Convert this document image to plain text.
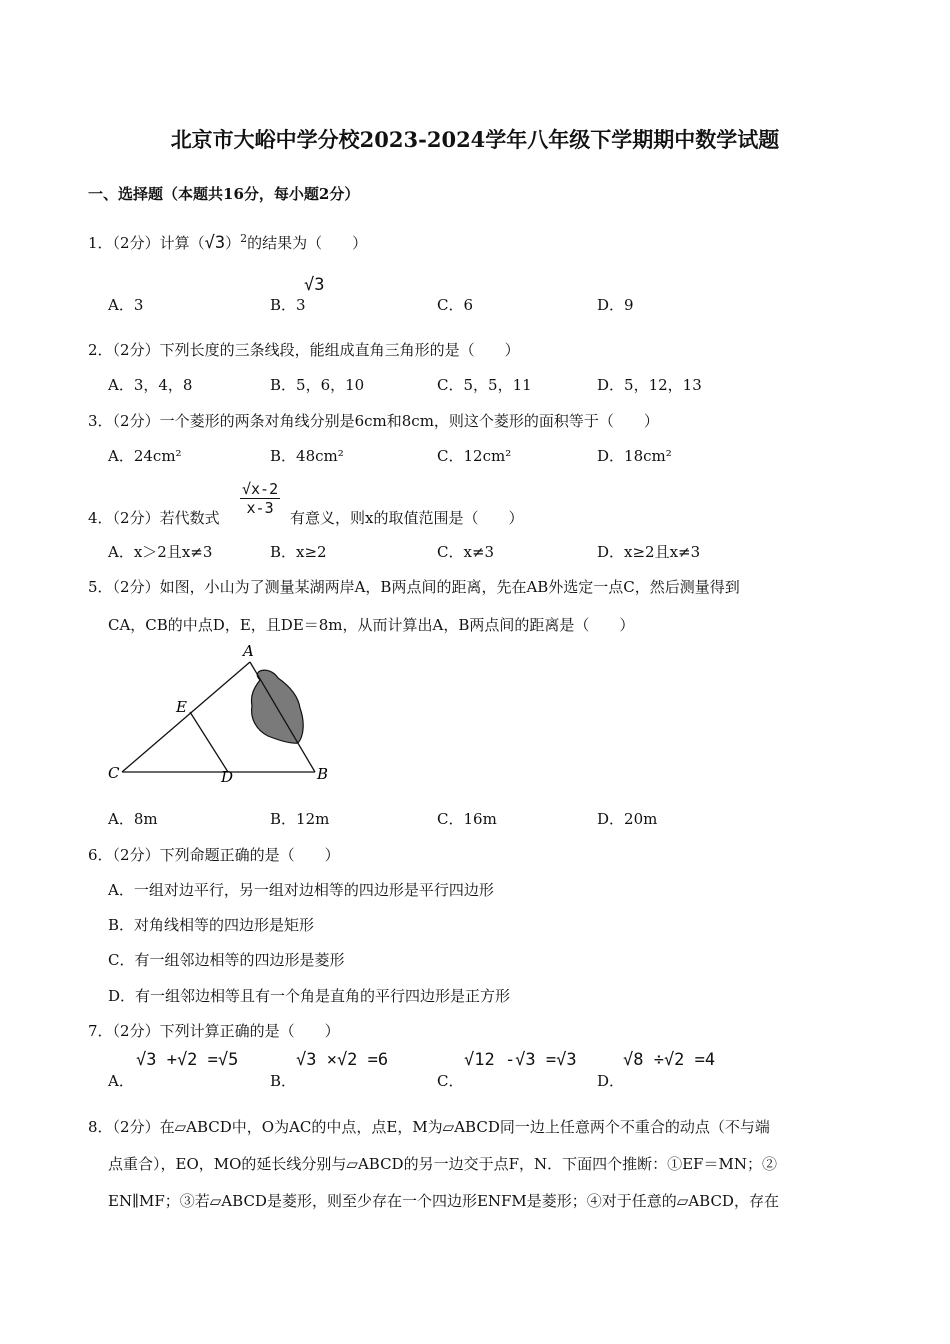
北京市大峪中学分校2023-2024学年八年级下学期期中数学试题
一、选择题（本题共16分，每小题2分）
1．（2分）计算$(√3)^2$的结果为（　　）
A．3	B．3
√3
C．6	D．9
2．（2分）下列长度的三条线段，能组成直角三角形的是（　　）
A．3，4，8	B．5，6，10	C．5，5，11	D．5，12，13
3．（2分）一个菱形的两条对角线分别是6cm和8cm，则这个菱形的面积等于（　　）
A．24cm²	B．48cm²	C．12cm²	D．18cm²
4．（2分）若代数式
$\frac{√x-2}{x-3}$
有意义，则x的取值范围是（　　）
A．x＞2且x≠3	B．x≥2	C．x≠3	D．x≥2且x≠3
5．（2分）如图，小山为了测量某湖两岸A，B两点间的距离，先在AB外选定一点C，然后测量得到
CA，CB的中点D，E，且DE＝8m，从而计算出A，B两点间的距离是（　　）
A
E
C	D	B
A．8m	B．12m	C．16m	D．20m
6．（2分）下列命题正确的是（　　）
A．一组对边平行，另一组对边相等的四边形是平行四边形
B．对角线相等的四边形是矩形
C．有一组邻边相等的四边形是菱形
D．有一组邻边相等且有一个角是直角的平行四边形是正方形
7．（2分）下列计算正确的是（　　）
A．
√3 +√2 =√5
B．
√3 ×√2 =6
C．
√12 -√3 =√3
D．
√8 ÷√2 =4
8．（2分）在▱ABCD中，O为AC的中点，点E，M为▱ABCD同一边上任意两个不重合的动点（不与端
点重合），EO，MO的延长线分别与▱ABCD的另一边交于点F，N．下面四个推断：①EF＝MN；②
EN∥MF；③若▱ABCD是菱形，则至少存在一个四边形ENFM是菱形；④对于任意的▱ABCD，存在
